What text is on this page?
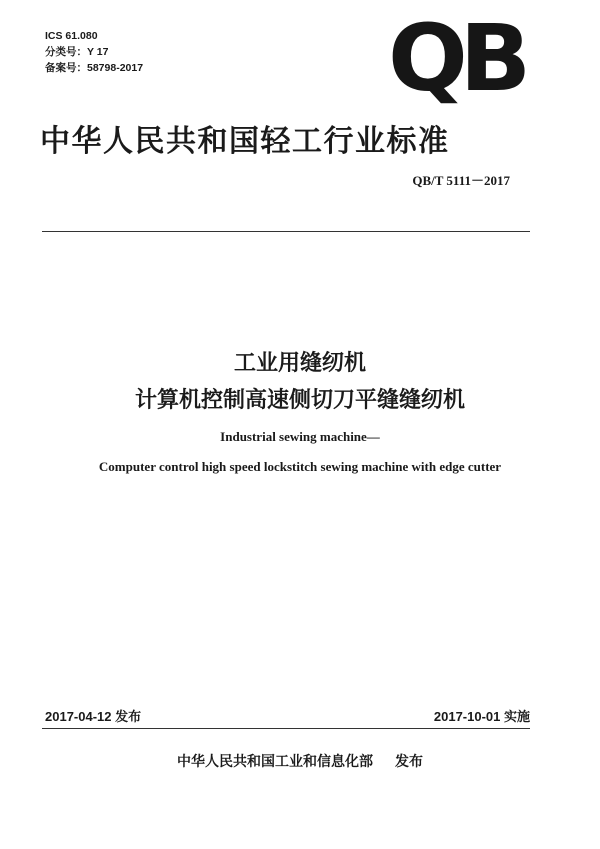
ICS 61.080
分类号：Y 17
备案号：58798-2017	QB
中华人民共和国轻工行业标准
QB/T 5111－2017
工业用缝纫机
计算机控制高速侧切刀平缝缝纫机
Industrial sewing machine—
Computer control high speed lockstitch sewing machine with edge cutter
2017-04-12 发布	2017-10-01 实施
中华人民共和国工业和信息化部 发布
